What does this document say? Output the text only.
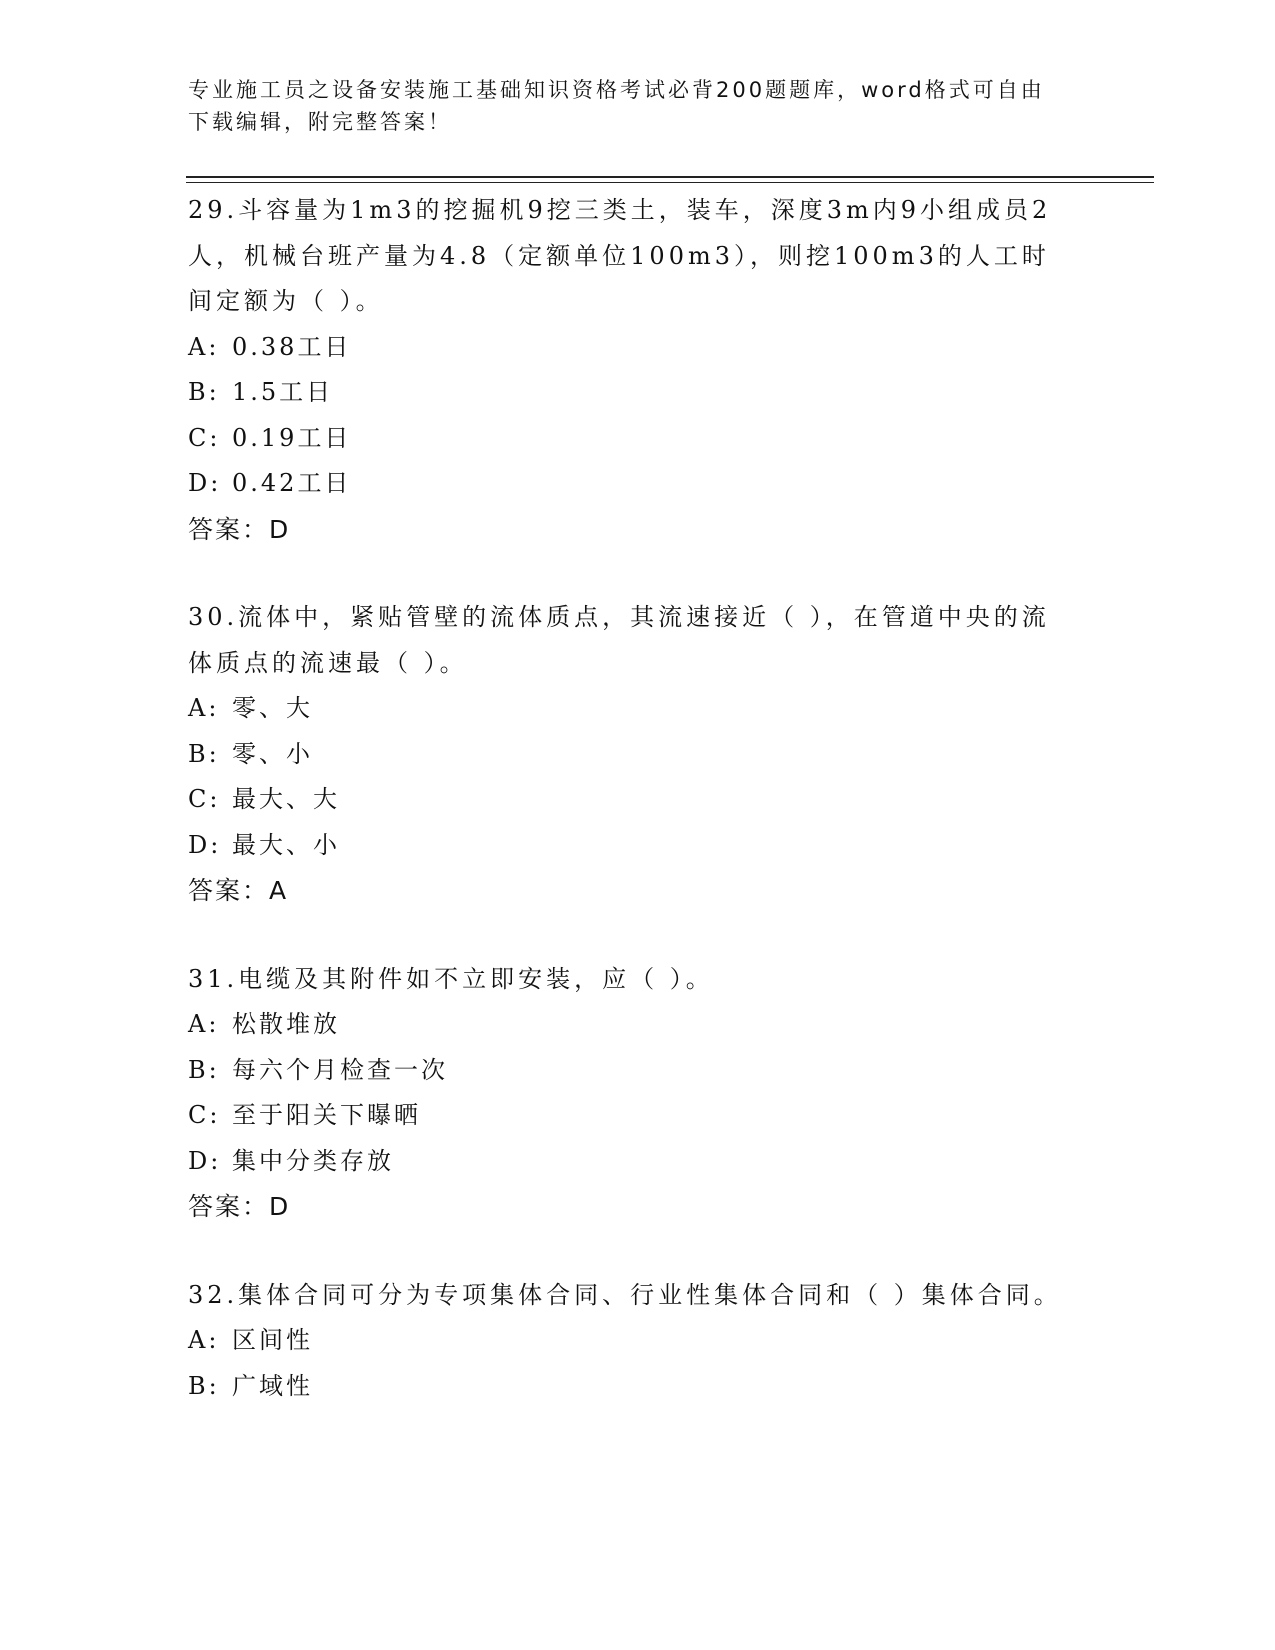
专业施工员之设备安装施工基础知识资格考试必背200题题库，word格式可自由下载编辑，附完整答案！

29.斗容量为1m3的挖掘机9挖三类土，装车，深度3m内9小组成员2人，机械台班产量为4.8（定额单位100m3），则挖100m3的人工时间定额为（ ）。

A: 0.38工日
B: 1.5工日
C: 0.19工日
D: 0.42工日
答案：D

30.流体中，紧贴管壁的流体质点，其流速接近（ ），在管道中央的流体质点的流速最（ ）。

A: 零、大
B: 零、小
C: 最大、大
D: 最大、小
答案：A

31.电缆及其附件如不立即安装，应（ ）。

A: 松散堆放
B: 每六个月检查一次
C: 至于阳关下曝晒
D: 集中分类存放
答案：D

32.集体合同可分为专项集体合同、行业性集体合同和（ ）集体合同。

A: 区间性
B: 广域性
